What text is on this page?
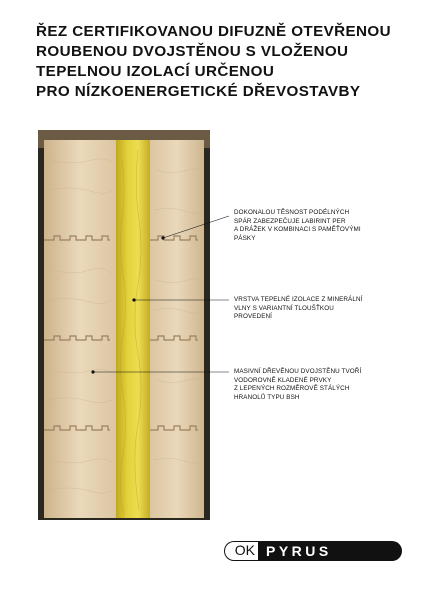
ŘEZ CERTIFIKOVANOU DIFUZNĚ OTEVŘENOU
ROUBENOU DVOJSTĚNOU S VLOŽENOU
TEPELNOU IZOLACÍ URČENOU
PRO NÍZKOENERGETICKÉ DŘEVOSTAVBY
DOKONALOU TĚSNOST PODÉLNÝCH
SPÁR ZABEZPEČUJE LABIRINT PER
A DRÁŽEK V KOMBINACI S PAMĚŤOVÝMI
PÁSKY
VRSTVA TEPELNÉ IZOLACE Z MINERÁLNÍ
VLNY S VARIANTNÍ TLOUŠŤKOU
PROVEDENÍ
MASIVNÍ DŘEVĚNOU DVOJSTĚNU TVOŘÍ
VODOROVNĚ KLADENÉ PRVKY
Z LEPENÝCH ROZMĚROVĚ STÁLÝCH
HRANOLŮ TYPU BSH
OK PYRUS
